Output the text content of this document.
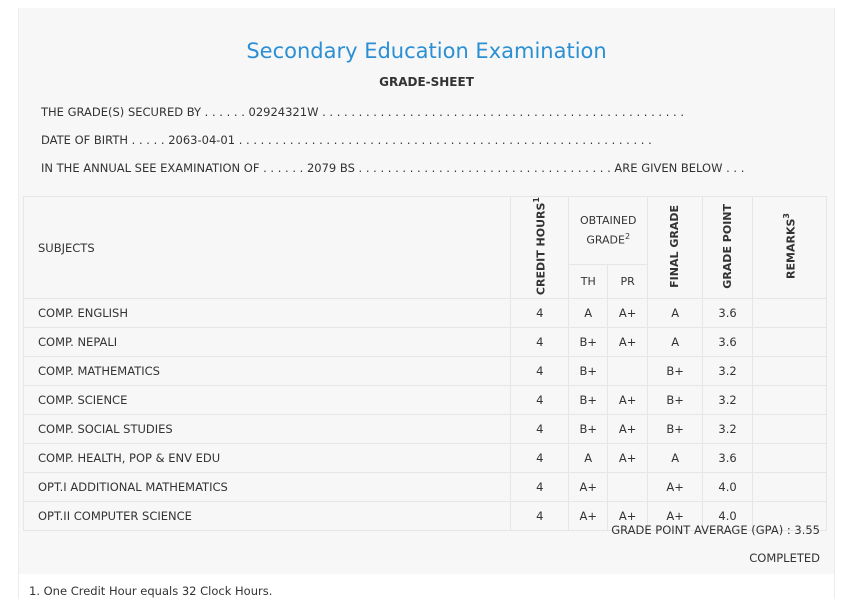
Secondary Education Examination
GRADE-SHEET
THE GRADE(S) SECURED BY . . . . . . 02924321W . . . . . . . . . . . . . . . . . . . . . . . . . . . . . . . . . . . . . . . . . . . . . . . . . .
DATE OF BIRTH . . . . . 2063-04-01 . . . . . . . . . . . . . . . . . . . . . . . . . . . . . . . . . . . . . . . . . . . . . . . . . . . . . . . . .
IN THE ANNUAL SEE EXAMINATION OF . . . . . . 2079 BS . . . . . . . . . . . . . . . . . . . . . . . . . . . . . . . . . . . ARE GIVEN BELOW . . .
SUBJECTS	CREDIT HOURS$^1$	OBTAINED GRADE$^2$		FINAL GRADE	GRADE POINT	REMARKS$^3$
		TH	PR			
COMP. ENGLISH	4	A	A+	A	3.6	
COMP. NEPALI	4	B+	A+	A	3.6	
COMP. MATHEMATICS	4	B+		B+	3.2	
COMP. SCIENCE	4	B+	A+	B+	3.2	
COMP. SOCIAL STUDIES	4	B+	A+	B+	3.2	
COMP. HEALTH, POP & ENV EDU	4	A	A+	A	3.6	
OPT.I ADDITIONAL MATHEMATICS	4	A+		A+	4.0	
OPT.II COMPUTER SCIENCE	4	A+	A+	A+	4.0	
GRADE POINT AVERAGE (GPA) : 3.55
COMPLETED
1. One Credit Hour equals 32 Clock Hours.
